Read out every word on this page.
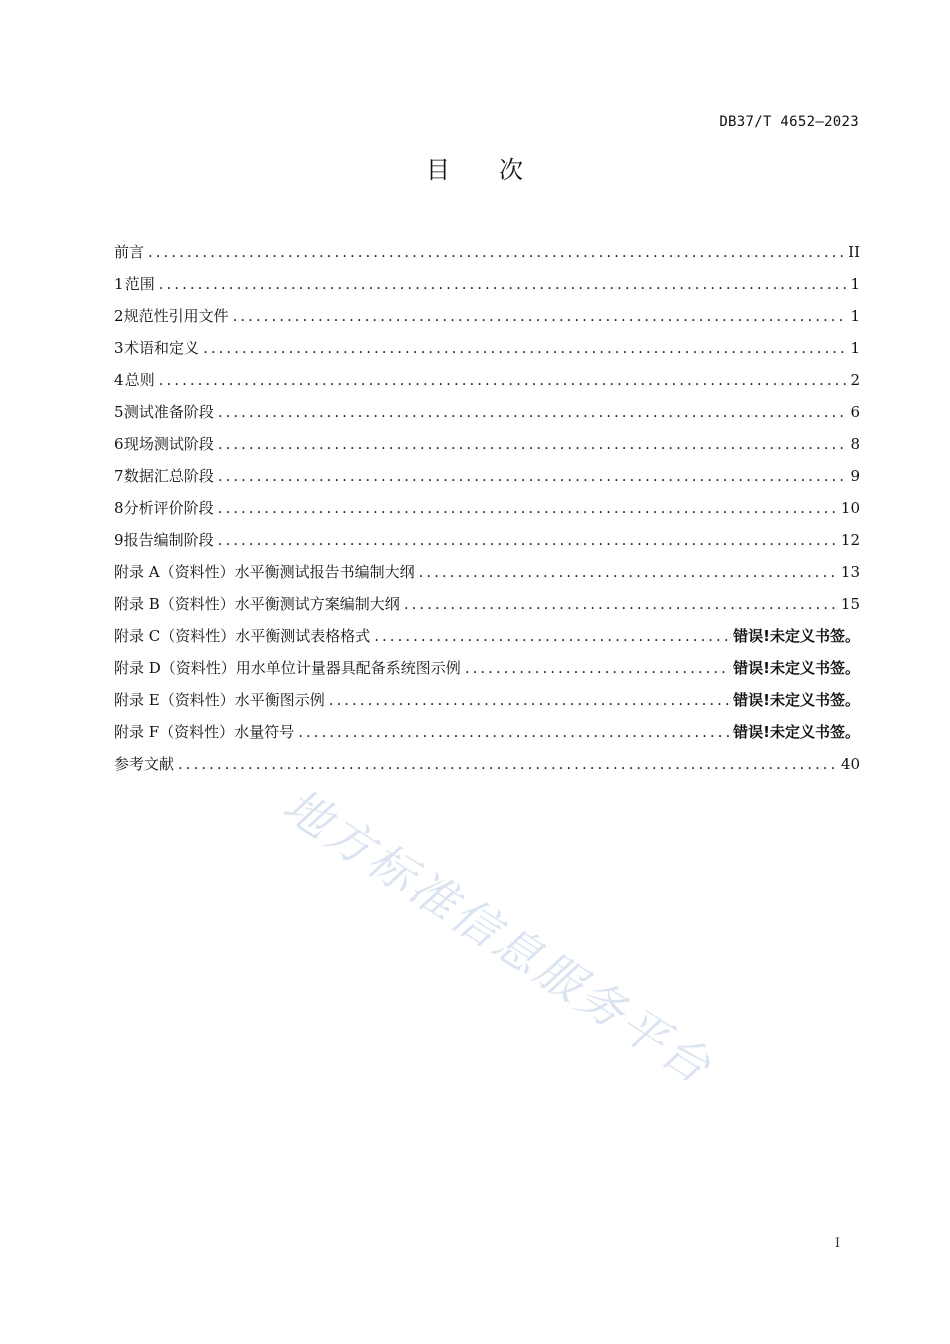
DB37/T 4652—2023
目 次
前言 .....	II
1 范围 .....	1
2 规范性引用文件 .....	1
3 术语和定义 .....	1
4 总则 .....	2
5 测试准备阶段 .....	6
6 现场测试阶段 .....	8
7 数据汇总阶段 .....	9
8 分析评价阶段 .....	10
9 报告编制阶段 .....	12
附录 A（资料性） 水平衡测试报告书编制大纲 .....	13
附录 B（资料性） 水平衡测试方案编制大纲 .....	15
附录 C（资料性） 水平衡测试表格格式 .....	错误!未定义书签。
附录 D（资料性） 用水单位计量器具配备系统图示例 .....	错误!未定义书签。
附录 E（资料性） 水平衡图示例 .....	错误!未定义书签。
附录 F（资料性） 水量符号 .....	错误!未定义书签。
参考文献 .....	40
地方标准信息服务平台
I
